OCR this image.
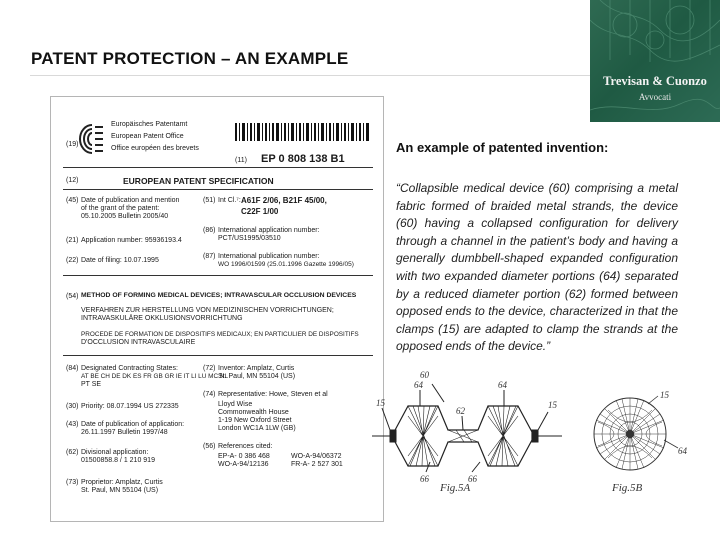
PATENT PROTECTION – AN EXAMPLE
Trevisan & Cuonzo
Avvocati
(19)
Europäisches Patentamt
European Patent Office
Office européen des brevets
(11) EP 0 808 138 B1
(12)	EUROPEAN PATENT SPECIFICATION
(45) Date of publication and mention
of the grant of the patent:
05.10.2005 Bulletin 2005/40
(21) Application number: 95936193.4
(22) Date of filing: 10.07.1995
(51) Int Cl.⁷: A61F 2/06, B21F 45/00,
C22F 1/00
(86) International application number:
PCT/US1995/03510
(87) International publication number:
WO 1996/01599 (25.01.1996 Gazette 1996/05)
(54) METHOD OF FORMING MEDICAL DEVICES; INTRAVASCULAR OCCLUSION DEVICES
VERFAHREN ZUR HERSTELLUNG VON MEDIZINISCHEN VORRICHTUNGEN;
INTRAVASKULÄRE OKKLUSIONSVORRICHTUNG
PROCEDE DE FORMATION DE DISPOSITIFS MEDICAUX; EN PARTICULIER DE DISPOSITIFS
D'OCCLUSION INTRAVASCULAIRE
(84) Designated Contracting States:
AT BE CH DE DK ES FR GB GR IE IT LI LU MC NL
PT SE
(30) Priority: 08.07.1994 US 272335
(43) Date of publication of application:
26.11.1997 Bulletin 1997/48
(62) Divisional application:
01500858.8 / 1 210 919
(73) Proprietor: Amplatz, Curtis
St. Paul, MN 55104 (US)
(72) Inventor: Amplatz, Curtis
St. Paul, MN 55104 (US)
(74) Representative: Howe, Steven et al
Lloyd Wise
Commonwealth House
1-19 New Oxford Street
London WC1A 1LW (GB)
(56) References cited:
EP-A- 0 386 468
WO-A-94/12136
WO-A-94/06372
FR-A- 2 527 301
An example of patented invention:
“Collapsible medical device (60) comprising a metal fabric formed of braided metal strands, the device (60) having a collapsed configuration for delivery through a channel in the patient’s body and having a generally dumbbell-shaped expanded configuration with two expanded diameter portions (64) separated by a reduced diameter portion (62) formed between opposed ends to the device, characterized in that the clamps (15) are adapted to clamp the strands at the opposed ends of the device.”
60
15
64
62
64
15
66	66
Fig.5A
15
64
Fig.5B
